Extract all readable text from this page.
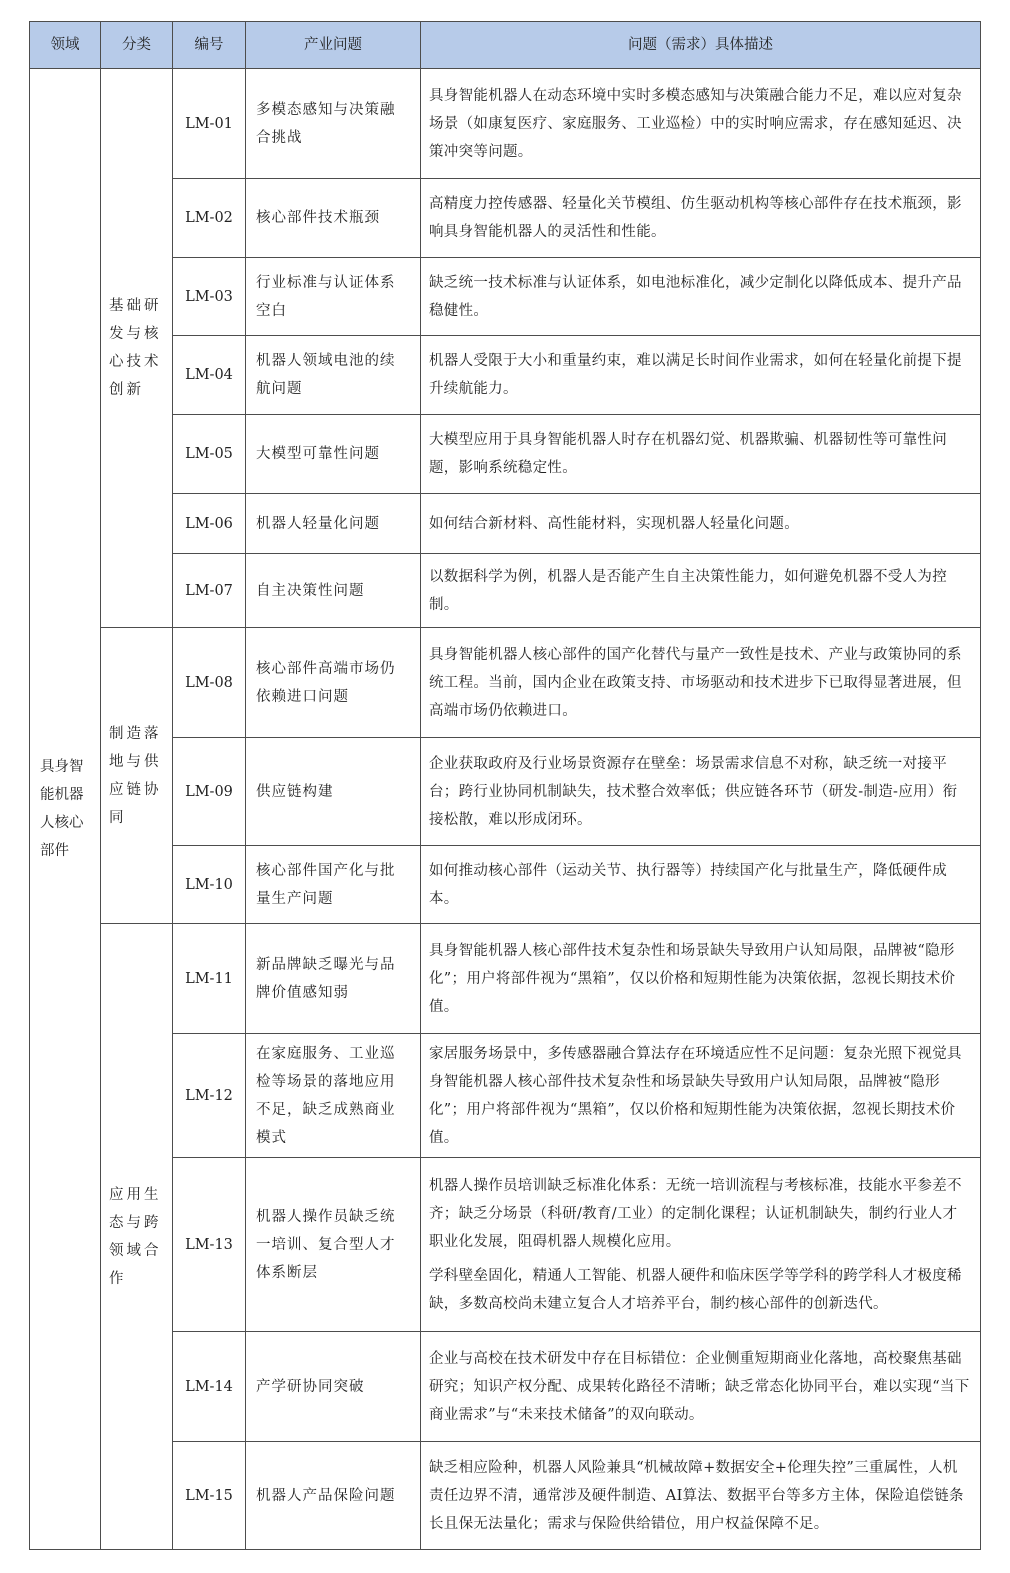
领域	分类	编号	产业问题	问题（需求）具体描述
具身智能机器人核心部件	基础研发与核心技术创新	LM-01	多模态感知与决策融合挑战	具身智能机器人在动态环境中实时多模态感知与决策融合能力不足，难以应对复杂场景（如康复医疗、家庭服务、工业巡检）中的实时响应需求，存在感知延迟、决策冲突等问题。
		LM-02	核心部件技术瓶颈	高精度力控传感器、轻量化关节模组、仿生驱动机构等核心部件存在技术瓶颈，影响具身智能机器人的灵活性和性能。
		LM-03	行业标准与认证体系空白	缺乏统一技术标准与认证体系，如电池标准化，减少定制化以降低成本、提升产品稳健性。
		LM-04	机器人领域电池的续航问题	机器人受限于大小和重量约束，难以满足长时间作业需求，如何在轻量化前提下提升续航能力。
		LM-05	大模型可靠性问题	大模型应用于具身智能机器人时存在机器幻觉、机器欺骗、机器韧性等可靠性问题，影响系统稳定性。
		LM-06	机器人轻量化问题	如何结合新材料、高性能材料，实现机器人轻量化问题。
		LM-07	自主决策性问题	以数据科学为例，机器人是否能产生自主决策性能力，如何避免机器不受人为控制。
	制造落地与供应链协同	LM-08	核心部件高端市场仍依赖进口问题	具身智能机器人核心部件的国产化替代与量产一致性是技术、产业与政策协同的系统工程。当前，国内企业在政策支持、市场驱动和技术进步下已取得显著进展，但高端市场仍依赖进口。
		LM-09	供应链构建	企业获取政府及行业场景资源存在壁垒：场景需求信息不对称，缺乏统一对接平台；跨行业协同机制缺失，技术整合效率低；供应链各环节（研发-制造-应用）衔接松散，难以形成闭环。
		LM-10	核心部件国产化与批量生产问题	如何推动核心部件（运动关节、执行器等）持续国产化与批量生产，降低硬件成本。
	应用生态与跨领域合作	LM-11	新品牌缺乏曝光与品牌价值感知弱	具身智能机器人核心部件技术复杂性和场景缺失导致用户认知局限，品牌被“隐形化”；用户将部件视为“黑箱”，仅以价格和短期性能为决策依据，忽视长期技术价值。
		LM-12	在家庭服务、工业巡检等场景的落地应用不足，缺乏成熟商业模式	家居服务场景中，多传感器融合算法存在环境适应性不足问题：复杂光照下视觉具身智能机器人核心部件技术复杂性和场景缺失导致用户认知局限，品牌被“隐形化”；用户将部件视为“黑箱”，仅以价格和短期性能为决策依据，忽视长期技术价值。
		LM-13	机器人操作员缺乏统一培训、复合型人才体系断层	机器人操作员培训缺乏标准化体系：无统一培训流程与考核标准，技能水平参差不齐；缺乏分场景（科研/教育/工业）的定制化课程；认证机制缺失，制约行业人才职业化发展，阻碍机器人规模化应用。
学科壁垒固化，精通人工智能、机器人硬件和临床医学等学科的跨学科人才极度稀缺，多数高校尚未建立复合人才培养平台，制约核心部件的创新迭代。

		LM-14	产学研协同突破	企业与高校在技术研发中存在目标错位：企业侧重短期商业化落地，高校聚焦基础研究；知识产权分配、成果转化路径不清晰；缺乏常态化协同平台，难以实现“当下商业需求”与“未来技术储备”的双向联动。
		LM-15	机器人产品保险问题	缺乏相应险种，机器人风险兼具“机械故障+数据安全+伦理失控”三重属性，人机责任边界不清，通常涉及硬件制造、AI算法、数据平台等多方主体，保险追偿链条长且保无法量化；需求与保险供给错位，用户权益保障不足。
